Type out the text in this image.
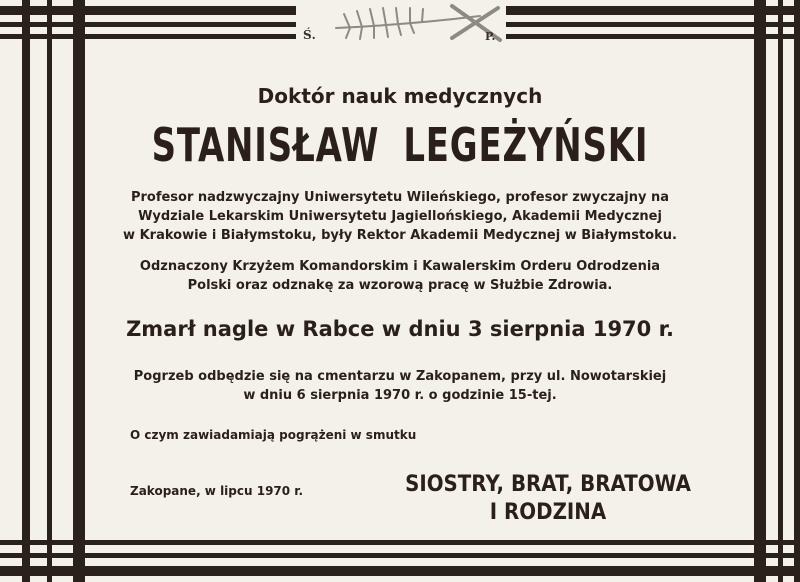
Ś.	P.
Doktór nauk medycznych
STANISŁAW LEGEŻYŃSKI
Profesor nadzwyczajny Uniwersytetu Wileńskiego, profesor zwyczajny na
Wydziale Lekarskim Uniwersytetu Jagiellońskiego, Akademii Medycznej
w Krakowie i Białymstoku, były Rektor Akademii Medycznej w Białymstoku.
Odznaczony Krzyżem Komandorskim i Kawalerskim Orderu Odrodzenia
Polski oraz odznakę za wzorową pracę w Służbie Zdrowia.
Zmarł nagle w Rabce w dniu 3 sierpnia 1970 r.
Pogrzeb odbędzie się na cmentarzu w Zakopanem, przy ul. Nowotarskiej
w dniu 6 sierpnia 1970 r. o godzinie 15-tej.
O czym zawiadamiają pogrążeni w smutku
Zakopane, w lipcu 1970 r.	SIOSTRY, BRAT, BRATOWA
I RODZINA
